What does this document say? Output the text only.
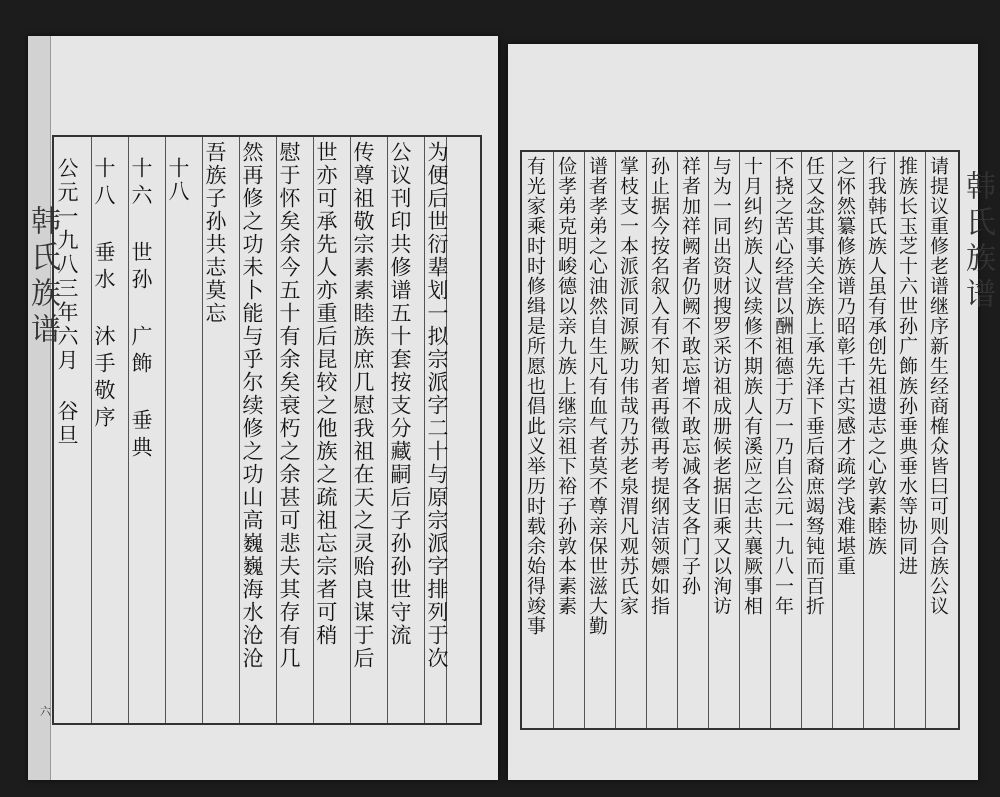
韩氏族谱	韩氏族谱
为便后世衍辈划一拟宗派字二十与原宗派字排列于次
公议刊印共修谱五十套按支分藏嗣后子孙孙世守流
传尊祖敬宗素素睦族庶几慰我祖在天之灵贻良谋于后
世亦可承先人亦重后昆较之他族之疏祖忘宗者可稍
慰于怀矣余今五十有余矣衰朽之余甚可悲夫其存有几
然再修之功未卜能与乎尔续修之功山高巍巍海水沧沧
吾族子孙共志莫忘
十八
十六 世孙 广飾 垂典
十八 垂水 沐手敬序
公元一九八三年六月 谷旦
六
请提议重修老谱继序新生经商榷众皆曰可则合族公议
推族长玉芝十六世孙广飾族孙垂典垂水等协同进
行我韩氏族人虽有承创先祖遗志之心敦素睦族
之怀然纂修族谱乃昭彰千古实感才疏学浅难堪重
任又念其事关全族上承先泽下垂后裔庶竭驽钝而百折
不挠之苦心经营以酬祖德于万一乃自公元一九八一年
十月纠约族人议续修不期族人有溪应之志共襄厥事相
与为一同出资财搜罗采访祖成册候老据旧乘又以洵访
祥者加祥阙者仍阙不敢忘增不敢忘减各支各门子孙
孙止据今按名叙入有不知者再徵再考提纲洁领嫖如指
掌枝支一本派派同源厥功伟哉乃苏老泉渭凡观苏氏家
谱者孝弟之心油然自生凡有血气者莫不尊亲保世滋大勤
俭孝弟克明峻德以亲九族上继宗祖下裕子孙敦本素素
有光家乘时时修缉是所愿也倡此义举历时载余始得竣事
